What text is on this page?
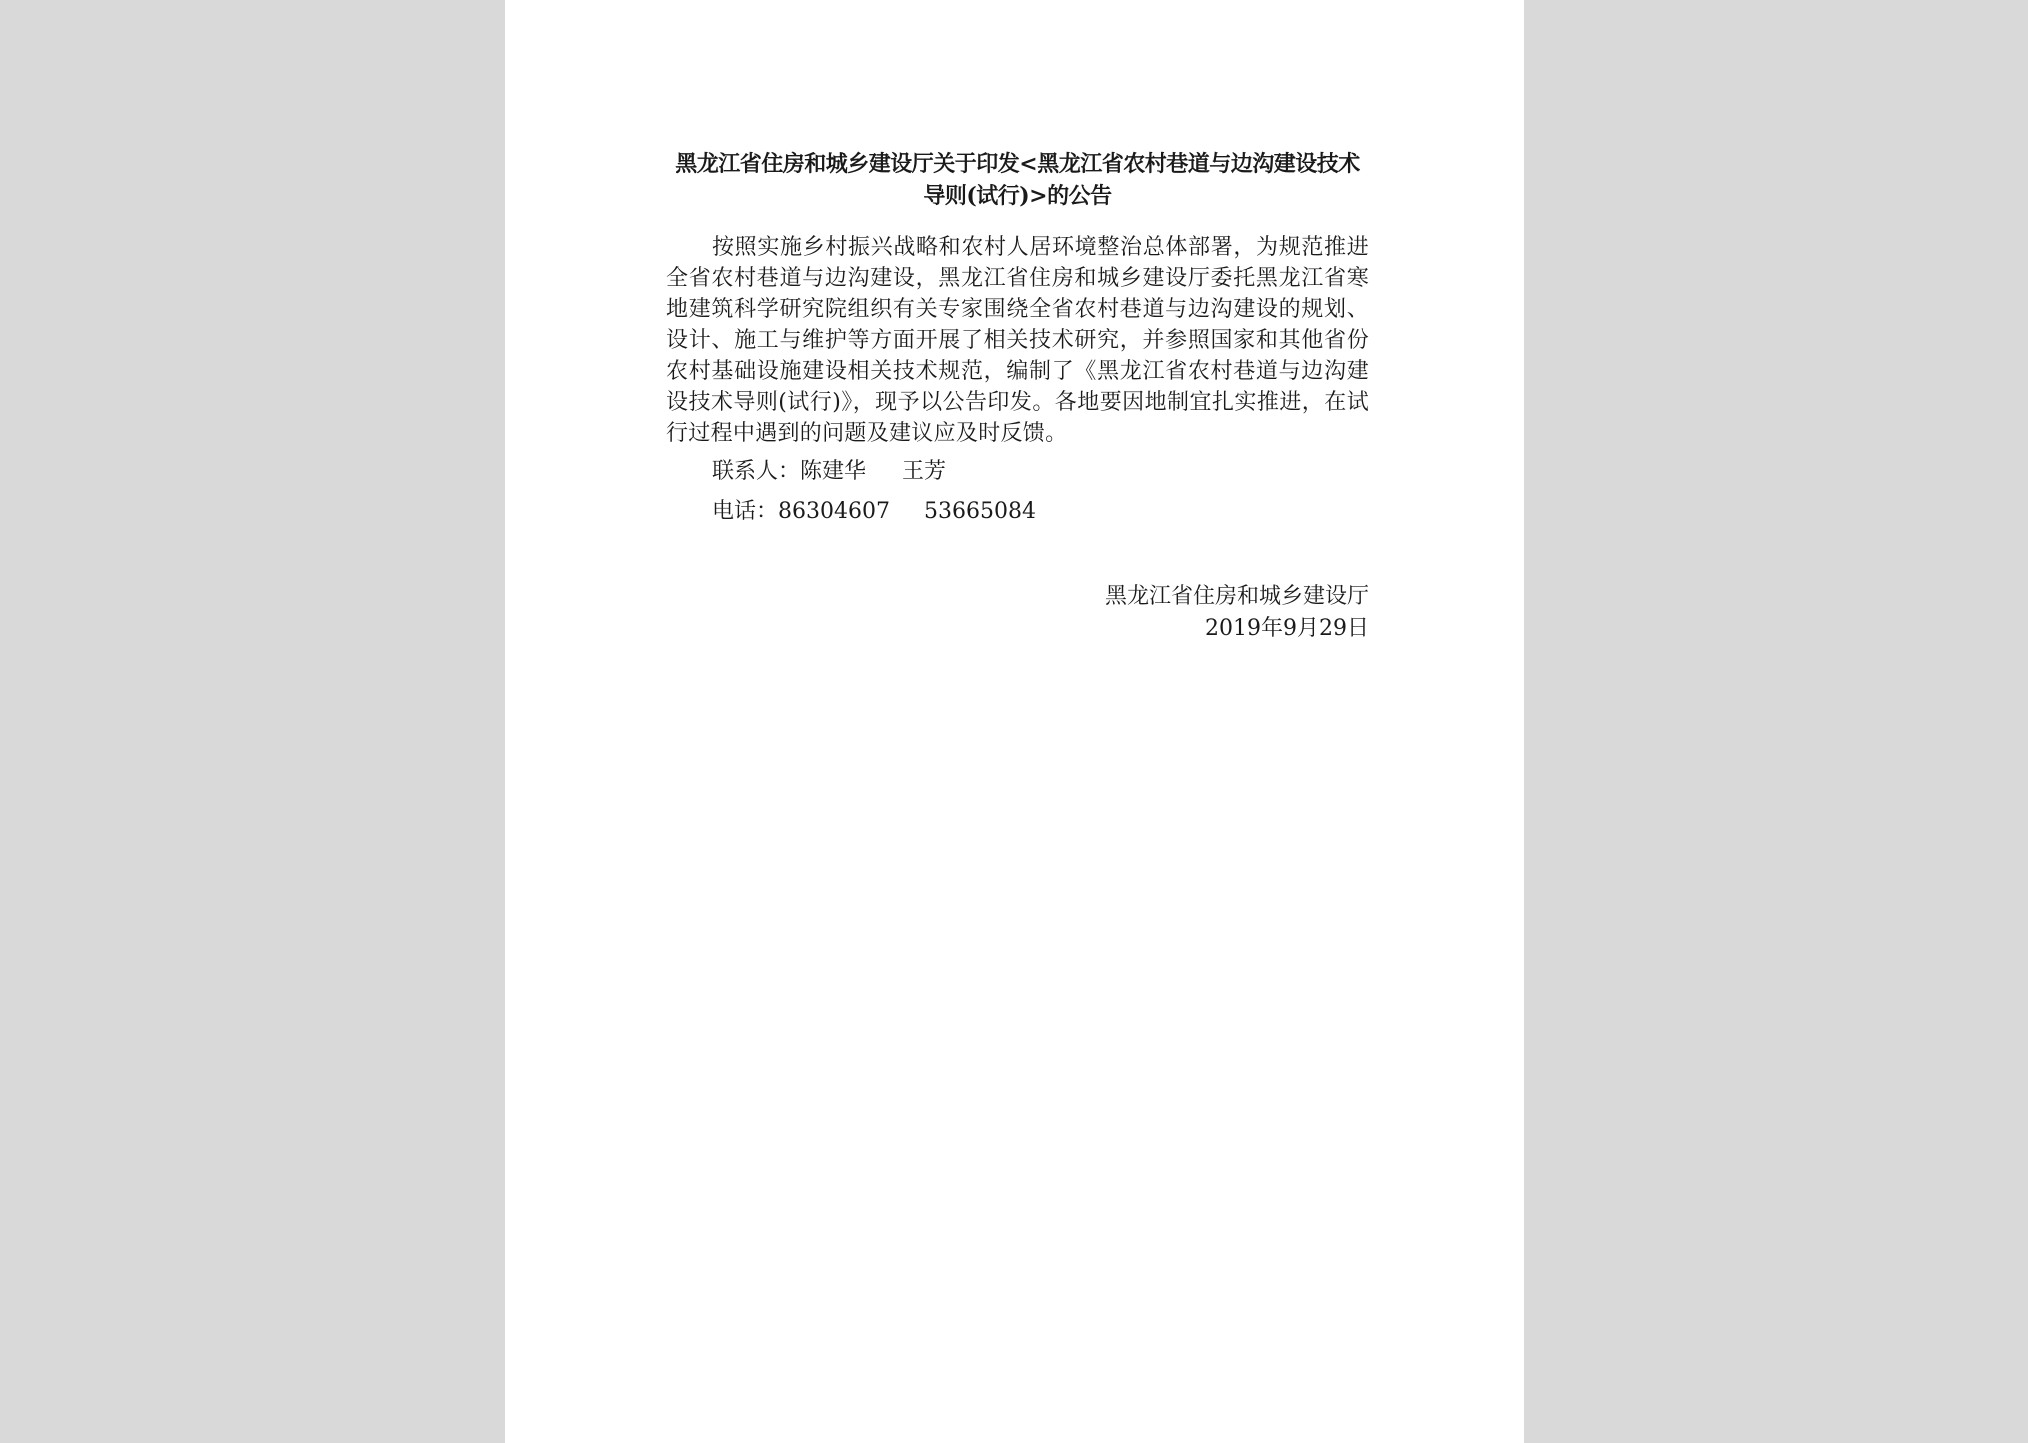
黑龙江省住房和城乡建设厅关于印发<黑龙江省农村巷道与边沟建设技术导则(试行)>的公告

按照实施乡村振兴战略和农村人居环境整治总体部署，为规范推进全省农村巷道与边沟建设，黑龙江省住房和城乡建设厅委托黑龙江省寒地建筑科学研究院组织有关专家围绕全省农村巷道与边沟建设的规划、设计、施工与维护等方面开展了相关技术研究，并参照国家和其他省份农村基础设施建设相关技术规范，编制了《黑龙江省农村巷道与边沟建设技术导则(试行)》，现予以公告印发。各地要因地制宜扎实推进，在试行过程中遇到的问题及建议应及时反馈。

联系人：陈建华 王芳
电话：86304607 53665084
黑龙江省住房和城乡建设厅
2019年9月29日
